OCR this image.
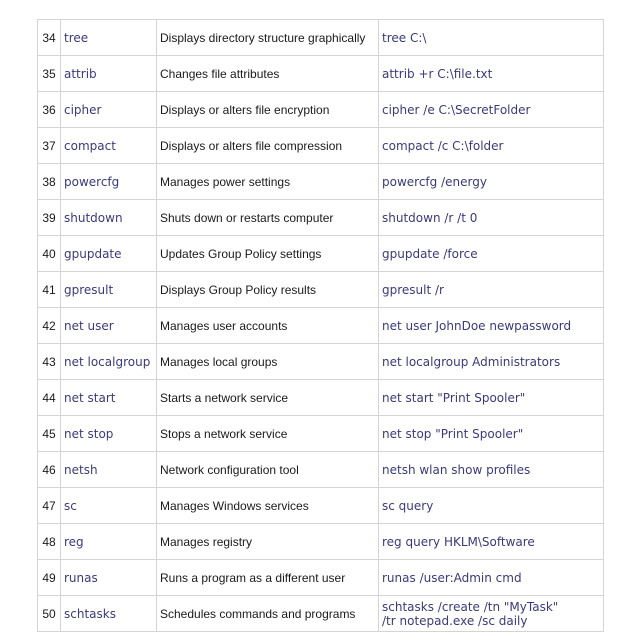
34	tree	Displays directory structure graphically	tree C:\
35	attrib	Changes file attributes	attrib +r C:\file.txt
36	cipher	Displays or alters file encryption	cipher /e C:\SecretFolder
37	compact	Displays or alters file compression	compact /c C:\folder
38	powercfg	Manages power settings	powercfg /energy
39	shutdown	Shuts down or restarts computer	shutdown /r /t 0
40	gpupdate	Updates Group Policy settings	gpupdate /force
41	gpresult	Displays Group Policy results	gpresult /r
42	net user	Manages user accounts	net user JohnDoe newpassword
43	net localgroup	Manages local groups	net localgroup Administrators
44	net start	Starts a network service	net start "Print Spooler"
45	net stop	Stops a network service	net stop "Print Spooler"
46	netsh	Network configuration tool	netsh wlan show profiles
47	sc	Manages Windows services	sc query
48	reg	Manages registry	reg query HKLM\Software
49	runas	Runs a program as a different user	runas /user:Admin cmd
50	schtasks	Schedules commands and programs	schtasks /create /tn "MyTask"
/tr notepad.exe /sc daily
